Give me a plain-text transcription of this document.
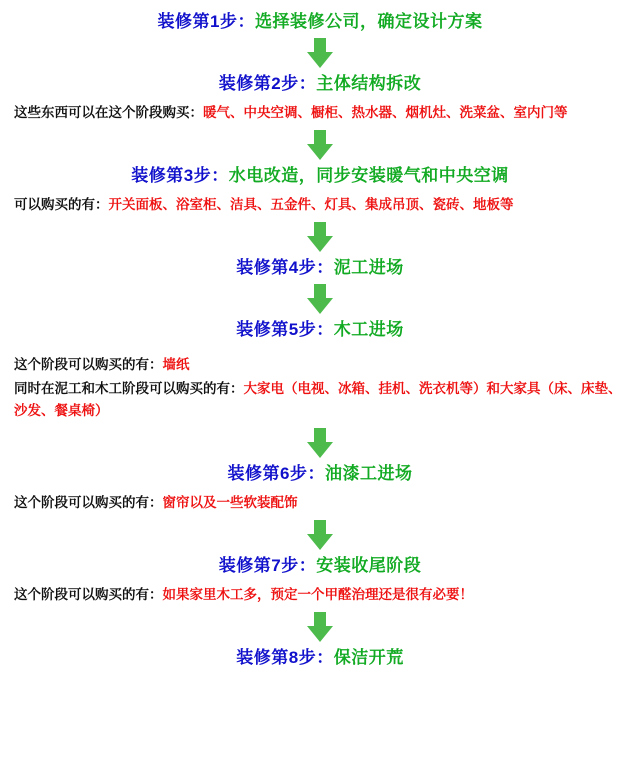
装修第1步：选择装修公司，确定设计方案
装修第2步：主体结构拆改
这些东西可以在这个阶段购买：暖气、中央空调、橱柜、热水器、烟机灶、洗菜盆、室内门等
装修第3步：水电改造，同步安装暖气和中央空调
可以购买的有：开关面板、浴室柜、洁具、五金件、灯具、集成吊顶、瓷砖、地板等
装修第4步：泥工进场
装修第5步：木工进场
这个阶段可以购买的有：墙纸
同时在泥工和木工阶段可以购买的有：大家电（电视、冰箱、挂机、洗衣机等）和大家具（床、床垫、沙发、餐桌椅）
装修第6步：油漆工进场
这个阶段可以购买的有：窗帘以及一些软装配饰
装修第7步：安装收尾阶段
这个阶段可以购买的有：如果家里木工多，预定一个甲醛治理还是很有必要！
装修第8步：保洁开荒
